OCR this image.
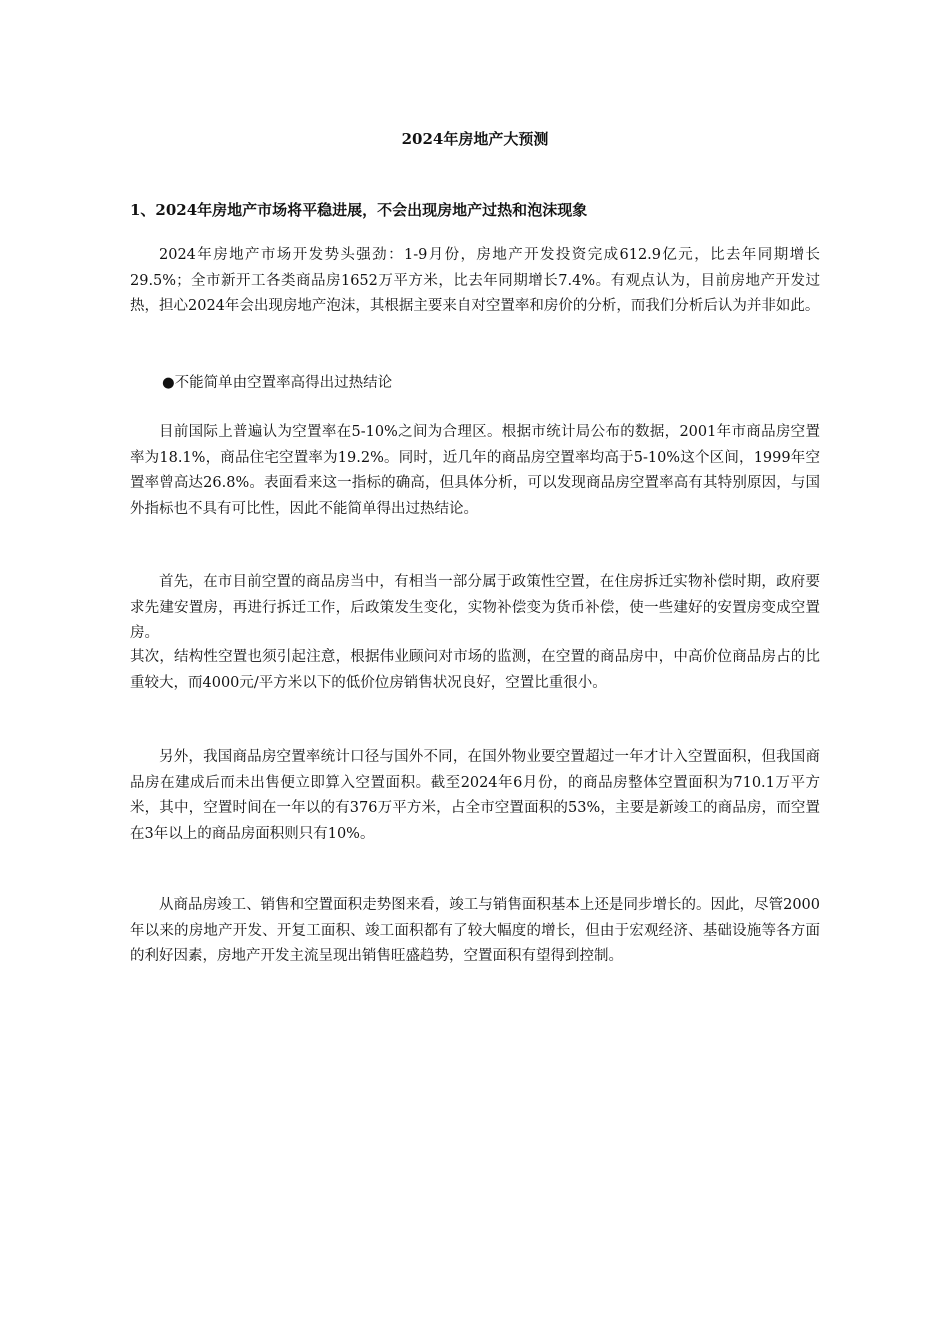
2024年房地产大预测
1、2024年房地产市场将平稳进展，不会出现房地产过热和泡沫现象

2024年房地产市场开发势头强劲：1-9月份，房地产开发投资完成612.9亿元，比去年同期增长29.5%；全市新开工各类商品房1652万平方米，比去年同期增长7.4%。有观点认为，目前房地产开发过热，担心2024年会出现房地产泡沫，其根据主要来自对空置率和房价的分析，而我们分析后认为并非如此。

●不能简单由空置率高得出过热结论

目前国际上普遍认为空置率在5-10%之间为合理区。根据市统计局公布的数据，2001年市商品房空置率为18.1%，商品住宅空置率为19.2%。同时，近几年的商品房空置率均高于5-10%这个区间，1999年空置率曾高达26.8%。表面看来这一指标的确高，但具体分析，可以发现商品房空置率高有其特别原因，与国外指标也不具有可比性，因此不能简单得出过热结论。

首先，在市目前空置的商品房当中，有相当一部分属于政策性空置，在住房拆迁实物补偿时期，政府要求先建安置房，再进行拆迁工作，后政策发生变化，实物补偿变为货币补偿，使一些建好的安置房变成空置房。

其次，结构性空置也须引起注意，根据伟业顾问对市场的监测，在空置的商品房中，中高价位商品房占的比重较大，而4000元/平方米以下的低价位房销售状况良好，空置比重很小。

另外，我国商品房空置率统计口径与国外不同，在国外物业要空置超过一年才计入空置面积，但我国商品房在建成后而未出售便立即算入空置面积。截至2024年6月份，的商品房整体空置面积为710.1万平方米，其中，空置时间在一年以的有376万平方米，占全市空置面积的53%，主要是新竣工的商品房，而空置在3年以上的商品房面积则只有10%。

从商品房竣工、销售和空置面积走势图来看，竣工与销售面积基本上还是同步增长的。因此，尽管2000年以来的房地产开发、开复工面积、竣工面积都有了较大幅度的增长，但由于宏观经济、基础设施等各方面的利好因素，房地产开发主流呈现出销售旺盛趋势，空置面积有望得到控制。
